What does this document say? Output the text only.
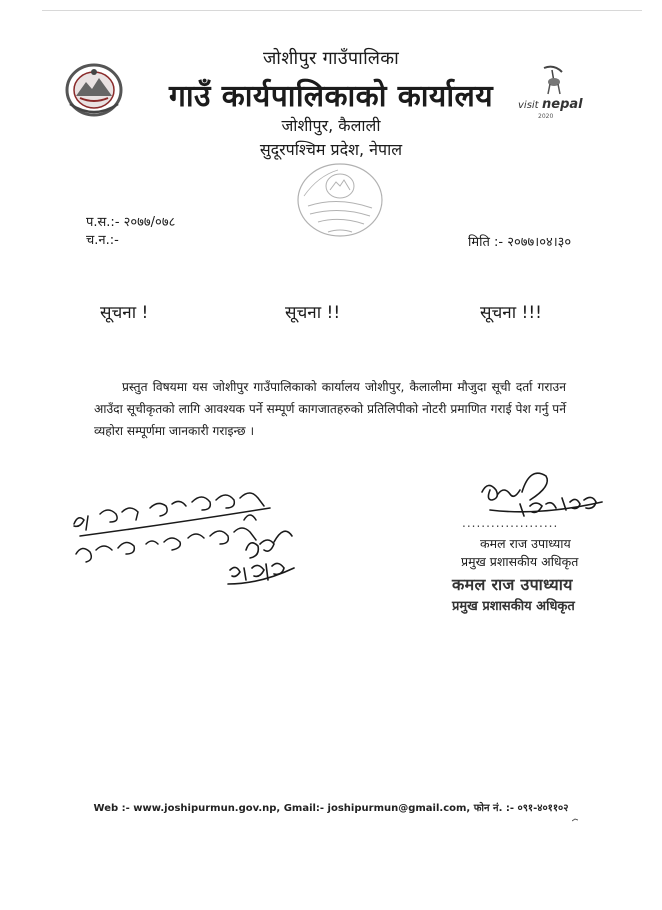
visit nepal
2020
जोशीपुर गाउँपालिका
गाउँ कार्यपालिकाको कार्यालय
जोशीपुर, कैलाली
सुदूरपश्चिम प्रदेश, नेपाल
प.स.:- २०७७/०७८
च.न.:-	मिति :- २०७७।०४।३०
सूचना !	सूचना !!	सूचना !!!
प्रस्तुत विषयमा यस जोशीपुर गाउँपालिकाको कार्यालय जोशीपुर, कैलालीमा मौजुदा सूची दर्ता गराउन आउँदा सूचीकृतको लागि आवश्यक पर्ने सम्पूर्ण कागजातहरुको प्रतिलिपीको नोटरी प्रमाणित गराई पेश गर्नु पर्ने व्यहोरा सम्पूर्णमा जानकारी गराइन्छ ।
....................
कमल राज उपाध्याय
प्रमुख प्रशासकीय अधिकृत
कमल राज उपाध्याय
प्रमुख प्रशासकीय अधिकृत
Web :- www.joshipurmun.gov.np, Gmail:- joshipurmun@gmail.com, फोन नं. :- ०९१-४०११०२
